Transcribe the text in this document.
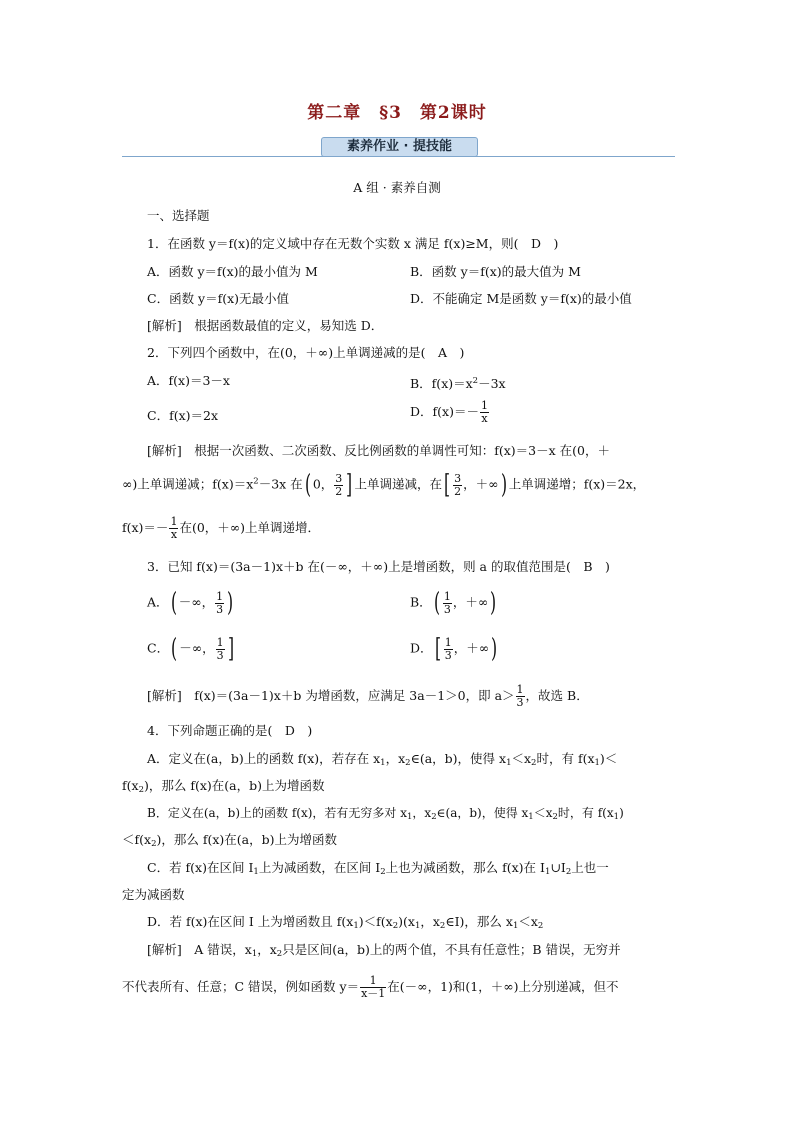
第二章　§3　第2课时
素养作业 · 提技能
A 组 · 素养自测
一、选择题
1．在函数 y＝f(x)的定义域中存在无数个实数 x 满足 f(x)≥M，则(　D　)
A．函数 y＝f(x)的最小值为 M	B．函数 y＝f(x)的最大值为 M
C．函数 y＝f(x)无最小值	D．不能确定 M是函数 y＝f(x)的最小值
[解析]　根据函数最值的定义，易知选 D．
2．下列四个函数中，在(0，＋∞)上单调递减的是(　A　)
A．f(x)＝3－x	B．$f(x)=x^2-3x$
C．f(x)＝2x	D．$f(x)=- \frac{1}{x}$
[解析]　根据一次函数、二次函数、反比例函数的单调性可知：f(x)＝3－x 在(0，＋
∞)上单调递减；$f(x)=x^2-3x$ 在( 0， $\frac{3}{2}$ ] 上单调递减，在[ $\frac{3}{2}$ ，＋∞) 上单调递增；f(x)＝2x，
$f(x)=- \frac{1}{x}$ 在(0，＋∞)上单调递增．
3．已知 f(x)＝(3a－1)x＋b 在(－∞，＋∞)上是增函数，则 a 的取值范围是(　B　)
A．( －∞， $\frac{1}{3}$ )	B．( $\frac{1}{3}$ ，＋∞)
C．( －∞， $\frac{1}{3}$ ]	D．[ $\frac{1}{3}$ ，＋∞)
[解析]　f(x)＝(3a－1)x＋b 为增函数，应满足 3a－1＞0，即 $a> \frac{1}{3}$ ，故选 B．
4．下列命题正确的是(　D　)
A．定义在(a，b)上的函数 f(x)，若存在 $x_1$，$x_2\in(a$，b)，使得 $x_1<x_2$时，有 $f(x_1)<$
$f(x_2)$，那么 f(x)在(a，b)上为增函数
B．定义在(a，b)上的函数 f(x)，若有无穷多对 $x_1$，$x_2\in(a$，b)，使得 $x_1<x_2$时，有 $f(x_1)$
$<f(x_2)$，那么 f(x)在(a，b)上为增函数
C．若 f(x)在区间 $I_1$上为减函数，在区间 $I_2$上也为减函数，那么 f(x)在 $I_1\cup I_2$上也一
定为减函数
D．若 f(x)在区间 I 上为增函数且 $f(x_1)<f(x_2)(x_1$，$x_2\in I$)，那么 $x_1<x_2$
[解析]　A 错误，$x_1$，$x_2$只是区间(a，b)上的两个值，不具有任意性；B 错误，无穷并
不代表所有、任意；C 错误，例如函数 $y= \frac{1}{x-1}$ 在(－∞，1)和(1，＋∞)上分别递减，但不
